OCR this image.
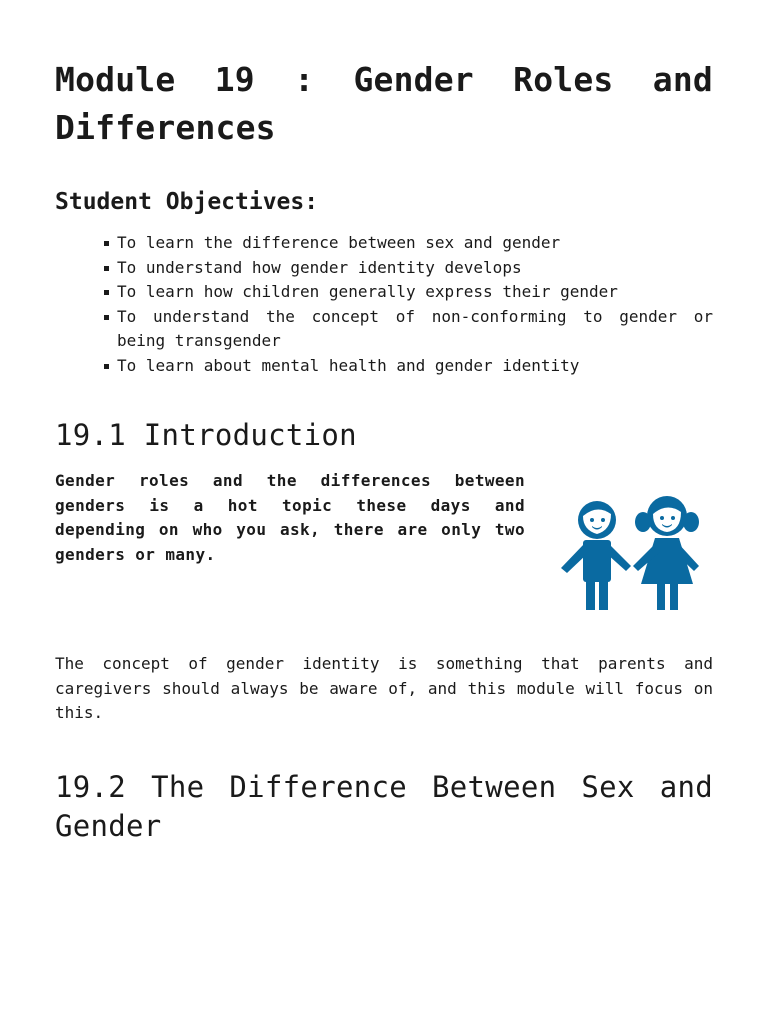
Module 19 : Gender Roles and Differences
Student Objectives:
To learn the difference between sex and gender
To understand how gender identity develops
To learn how children generally express their gender
To understand the concept of non-conforming to gender or being transgender
To learn about mental health and gender identity
19.1 Introduction

Gender roles and the differences between genders is a hot topic these days and depending on who you ask, there are only two genders or many.

The concept of gender identity is something that parents and caregivers should always be aware of, and this module will focus on this.

19.2 The Difference Between Sex and Gender
